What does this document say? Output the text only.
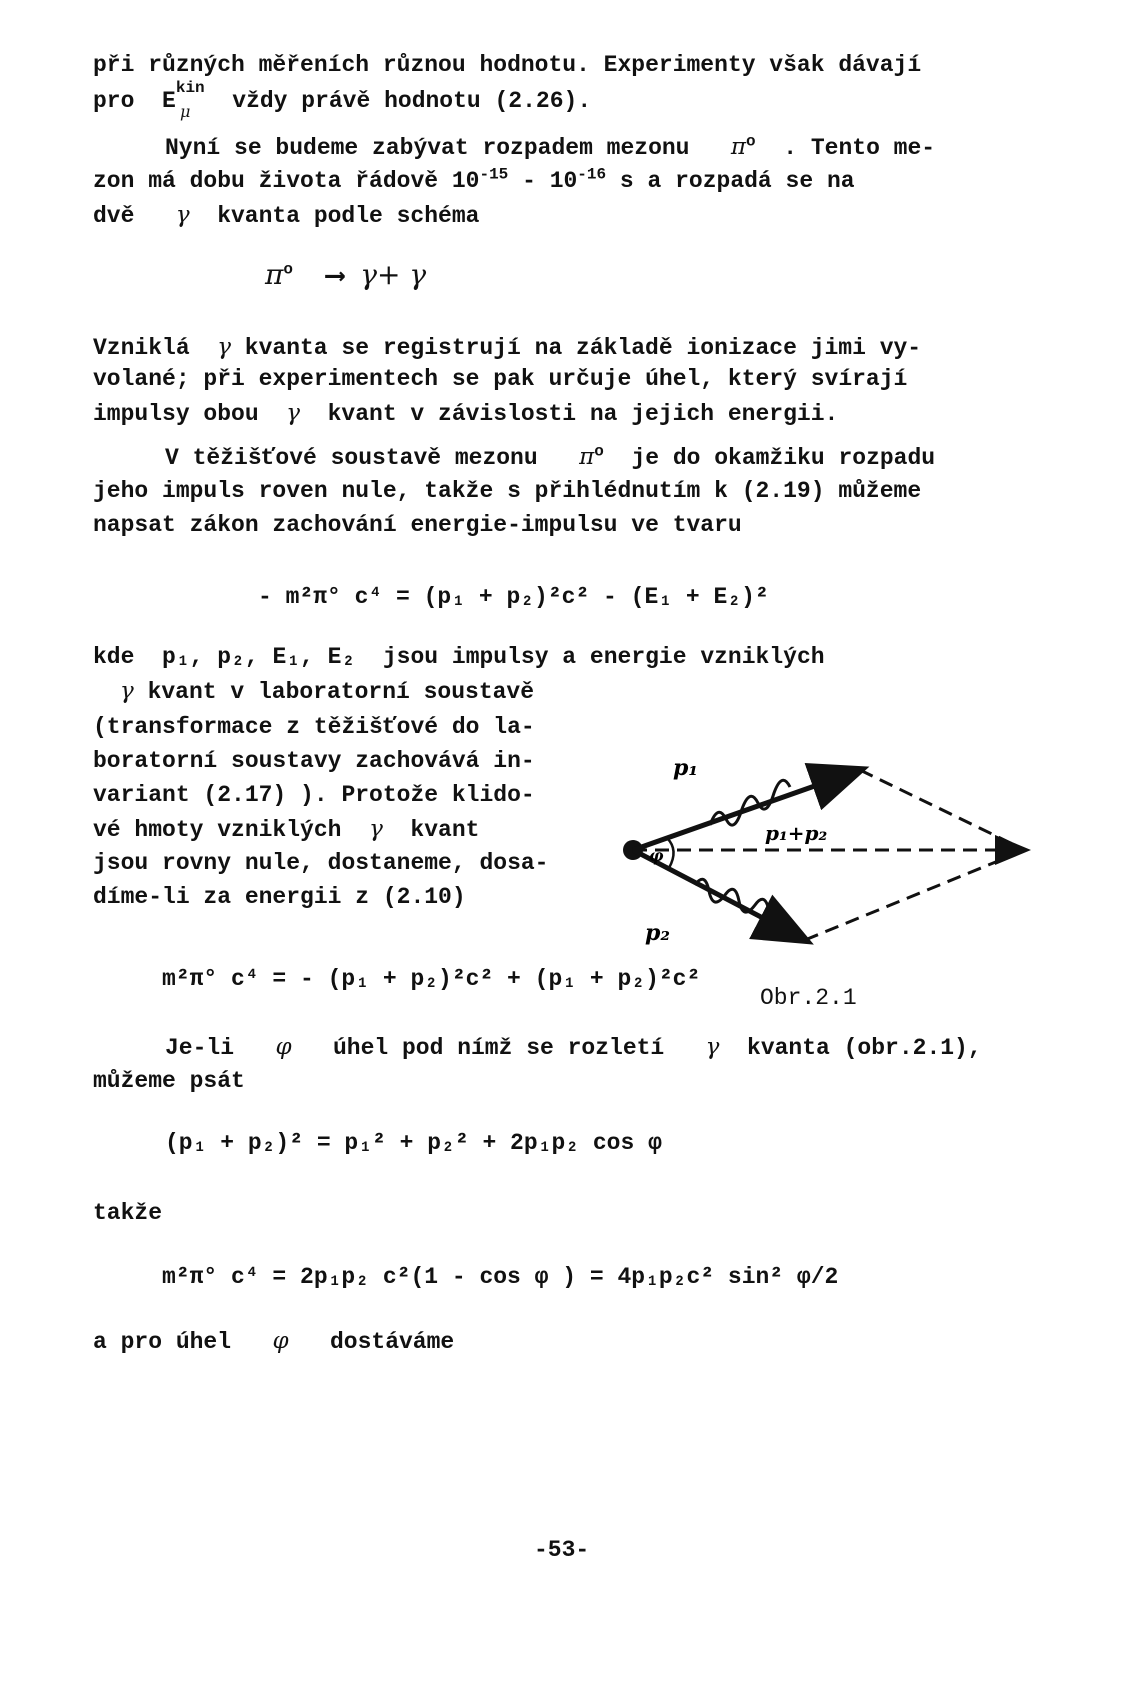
při různých měřeních různou hodnotu. Experimenty však dávají
pro $E^{kin}$
μ vždy právě hodnotu (2.26).
Nyní se budeme zabývat rozpadem mezonu $\pi^o$ . Tento me-
zon má dobu života řádově $10^{-15} - 10^{-16}$ s a rozpadá se na
dvě γ kvanta podle schéma
$\pi^o$ ⟶ γ+ γ
Vzniklá γ kvanta se registrují na základě ionizace jimi vy-
volané; při experimentech se pak určuje úhel, který svírají
impulsy obou γ kvant v závislosti na jejich energii.
V těžišťové soustavě mezonu $\pi^o$ je do okamžiku rozpadu
jeho impuls roven nule, takže s přihlédnutím k (2.19) můžeme
napsat zákon zachování energie-impulsu ve tvaru
- m²π° c⁴ = (p₁ + p₂)²c² - (E₁ + E₂)²
kde p₁, p₂, E₁, E₂ jsou impulsy a energie vzniklých
γ kvant v laboratorní soustavě
(transformace z těžišťové do la-
boratorní soustavy zachovává in-
variant (2.17) ). Protože klido-
vé hmoty vzniklých γ kvant
jsou rovny nule, dostaneme, dosa-
díme-li za energii z (2.10)
φ
p₁
p₂
p₁+p₂
Obr.2.1
m²π° c⁴ = - (p₁ + p₂)²c² + (p₁ + p₂)²c²
Je-li φ úhel pod nímž se rozletí γ kvanta (obr.2.1),
můžeme psát
(p₁ + p₂)² = p₁² + p₂² + 2p₁p₂ cos φ
takže
m²π° c⁴ = 2p₁p₂ c²(1 - cos φ ) = 4p₁p₂c² sin² φ/2
a pro úhel φ dostáváme
-53-
